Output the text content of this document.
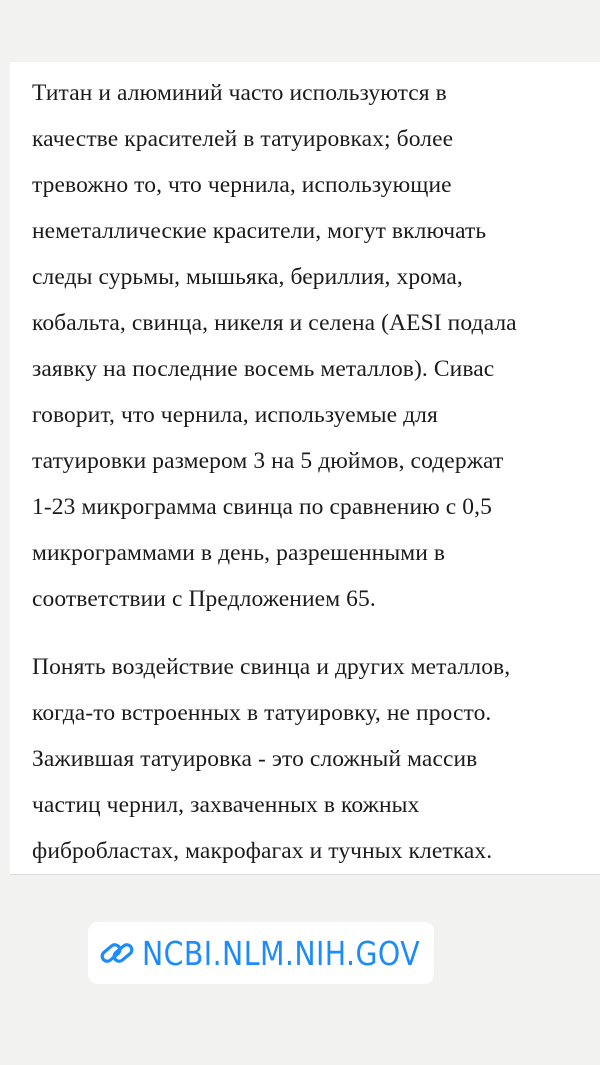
Титан и алюминий часто используются в
качестве красителей в татуировках; более
тревожно то, что чернила, использующие
неметаллические красители, могут включать
следы сурьмы, мышьяка, бериллия, хрома,
кобальта, свинца, никеля и селена (AESI подала
заявку на последние восемь металлов). Сивас
говорит, что чернила, используемые для
татуировки размером 3 на 5 дюймов, содержат
1-23 микрограмма свинца по сравнению с 0,5
микрограммами в день, разрешенными в
соответствии с Предложением 65.

Понять воздействие свинца и других металлов,
когда-то встроенных в татуировку, не просто.
Зажившая татуировка - это сложный массив
частиц чернил, захваченных в кожных
фибробластах, макрофагах и тучных клетках.

NCBI.NLM.NIH.GOV
